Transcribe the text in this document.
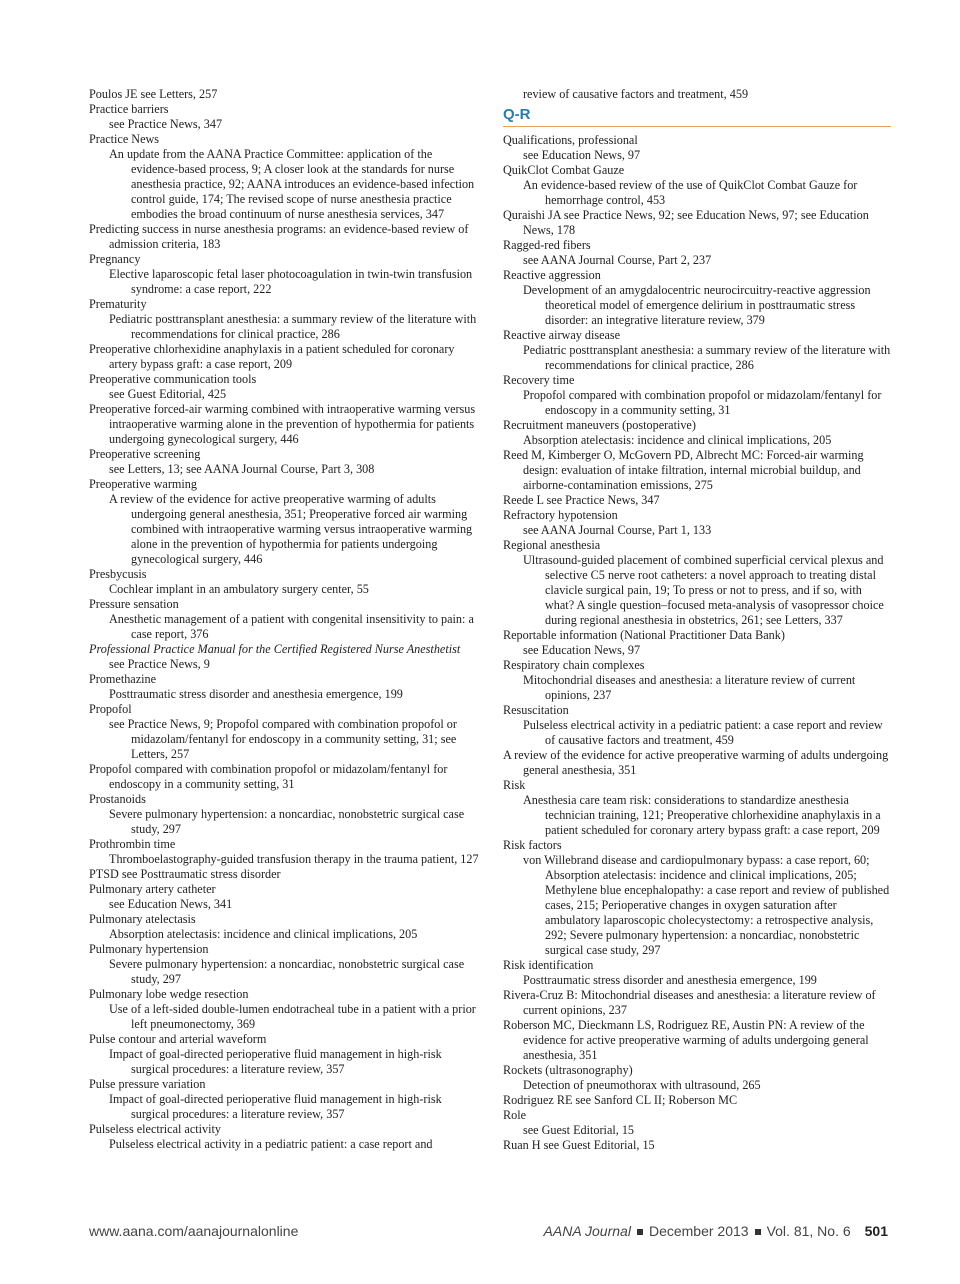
Poulos JE see Letters, 257
Practice barriers
see Practice News, 347
Practice News
An update from the AANA Practice Committee: application of the evidence-based process, 9; A closer look at the standards for nurse anesthesia practice, 92; AANA introduces an evidence-based infection control guide, 174; The revised scope of nurse anesthesia practice embodies the broad continuum of nurse anesthesia services, 347
Predicting success in nurse anesthesia programs: an evidence-based review of admission criteria, 183
Pregnancy
Elective laparoscopic fetal laser photocoagulation in twin-twin transfusion syndrome: a case report, 222
Prematurity
Pediatric posttransplant anesthesia: a summary review of the literature with recommendations for clinical practice, 286
Preoperative chlorhexidine anaphylaxis in a patient scheduled for coronary artery bypass graft: a case report, 209
Preoperative communication tools
see Guest Editorial, 425
Preoperative forced-air warming combined with intraoperative warming versus intraoperative warming alone in the prevention of hypothermia for patients undergoing gynecological surgery, 446
Preoperative screening
see Letters, 13; see AANA Journal Course, Part 3, 308
Preoperative warming
A review of the evidence for active preoperative warming of adults undergoing general anesthesia, 351; Preoperative forced air warming combined with intraoperative warming versus intraoperative warming alone in the prevention of hypothermia for patients undergoing gynecological surgery, 446
Presbycusis
Cochlear implant in an ambulatory surgery center, 55
Pressure sensation
Anesthetic management of a patient with congenital insensitivity to pain: a case report, 376
Professional Practice Manual for the Certified Registered Nurse Anesthetist
see Practice News, 9
Promethazine
Posttraumatic stress disorder and anesthesia emergence, 199
Propofol
see Practice News, 9; Propofol compared with combination propofol or midazolam/fentanyl for endoscopy in a community setting, 31; see Letters, 257
Propofol compared with combination propofol or midazolam/fentanyl for endoscopy in a community setting, 31
Prostanoids
Severe pulmonary hypertension: a noncardiac, nonobstetric surgical case study, 297
Prothrombin time
Thromboelastography-guided transfusion therapy in the trauma patient, 127
PTSD see Posttraumatic stress disorder
Pulmonary artery catheter
see Education News, 341
Pulmonary atelectasis
Absorption atelectasis: incidence and clinical implications, 205
Pulmonary hypertension
Severe pulmonary hypertension: a noncardiac, nonobstetric surgical case study, 297
Pulmonary lobe wedge resection
Use of a left-sided double-lumen endotracheal tube in a patient with a prior left pneumonectomy, 369
Pulse contour and arterial waveform
Impact of goal-directed perioperative fluid management in high-risk surgical procedures: a literature review, 357
Pulse pressure variation
Impact of goal-directed perioperative fluid management in high-risk surgical procedures: a literature review, 357
Pulseless electrical activity
Pulseless electrical activity in a pediatric patient: a case report and
review of causative factors and treatment, 459
Q-R
Qualifications, professional
see Education News, 97
QuikClot Combat Gauze
An evidence-based review of the use of QuikClot Combat Gauze for hemorrhage control, 453
Quraishi JA see Practice News, 92; see Education News, 97; see Education News, 178
Ragged-red fibers
see AANA Journal Course, Part 2, 237
Reactive aggression
Development of an amygdalocentric neurocircuitry-reactive aggression theoretical model of emergence delirium in posttraumatic stress disorder: an integrative literature review, 379
Reactive airway disease
Pediatric posttransplant anesthesia: a summary review of the literature with recommendations for clinical practice, 286
Recovery time
Propofol compared with combination propofol or midazolam/fentanyl for endoscopy in a community setting, 31
Recruitment maneuvers (postoperative)
Absorption atelectasis: incidence and clinical implications, 205
Reed M, Kimberger O, McGovern PD, Albrecht MC: Forced-air warming design: evaluation of intake filtration, internal microbial buildup, and airborne-contamination emissions, 275
Reede L see Practice News, 347
Refractory hypotension
see AANA Journal Course, Part 1, 133
Regional anesthesia
Ultrasound-guided placement of combined superficial cervical plexus and selective C5 nerve root catheters: a novel approach to treating distal clavicle surgical pain, 19; To press or not to press, and if so, with what? A single question–focused meta-analysis of vasopressor choice during regional anesthesia in obstetrics, 261; see Letters, 337
Reportable information (National Practitioner Data Bank)
see Education News, 97
Respiratory chain complexes
Mitochondrial diseases and anesthesia: a literature review of current opinions, 237
Resuscitation
Pulseless electrical activity in a pediatric patient: a case report and review of causative factors and treatment, 459
A review of the evidence for active preoperative warming of adults undergoing general anesthesia, 351
Risk
Anesthesia care team risk: considerations to standardize anesthesia technician training, 121; Preoperative chlorhexidine anaphylaxis in a patient scheduled for coronary artery bypass graft: a case report, 209
Risk factors
von Willebrand disease and cardiopulmonary bypass: a case report, 60; Absorption atelectasis: incidence and clinical implications, 205; Methylene blue encephalopathy: a case report and review of published cases, 215; Perioperative changes in oxygen saturation after ambulatory laparoscopic cholecystectomy: a retrospective analysis, 292; Severe pulmonary hypertension: a noncardiac, nonobstetric surgical case study, 297
Risk identification
Posttraumatic stress disorder and anesthesia emergence, 199
Rivera-Cruz B: Mitochondrial diseases and anesthesia: a literature review of current opinions, 237
Roberson MC, Dieckmann LS, Rodriguez RE, Austin PN: A review of the evidence for active preoperative warming of adults undergoing general anesthesia, 351
Rockets (ultrasonography)
Detection of pneumothorax with ultrasound, 265
Rodriguez RE see Sanford CL II; Roberson MC
Role
see Guest Editorial, 15
Ruan H see Guest Editorial, 15
www.aana.com/aanajournalonline	AANA Journal December 2013 Vol. 81, No. 6 501
